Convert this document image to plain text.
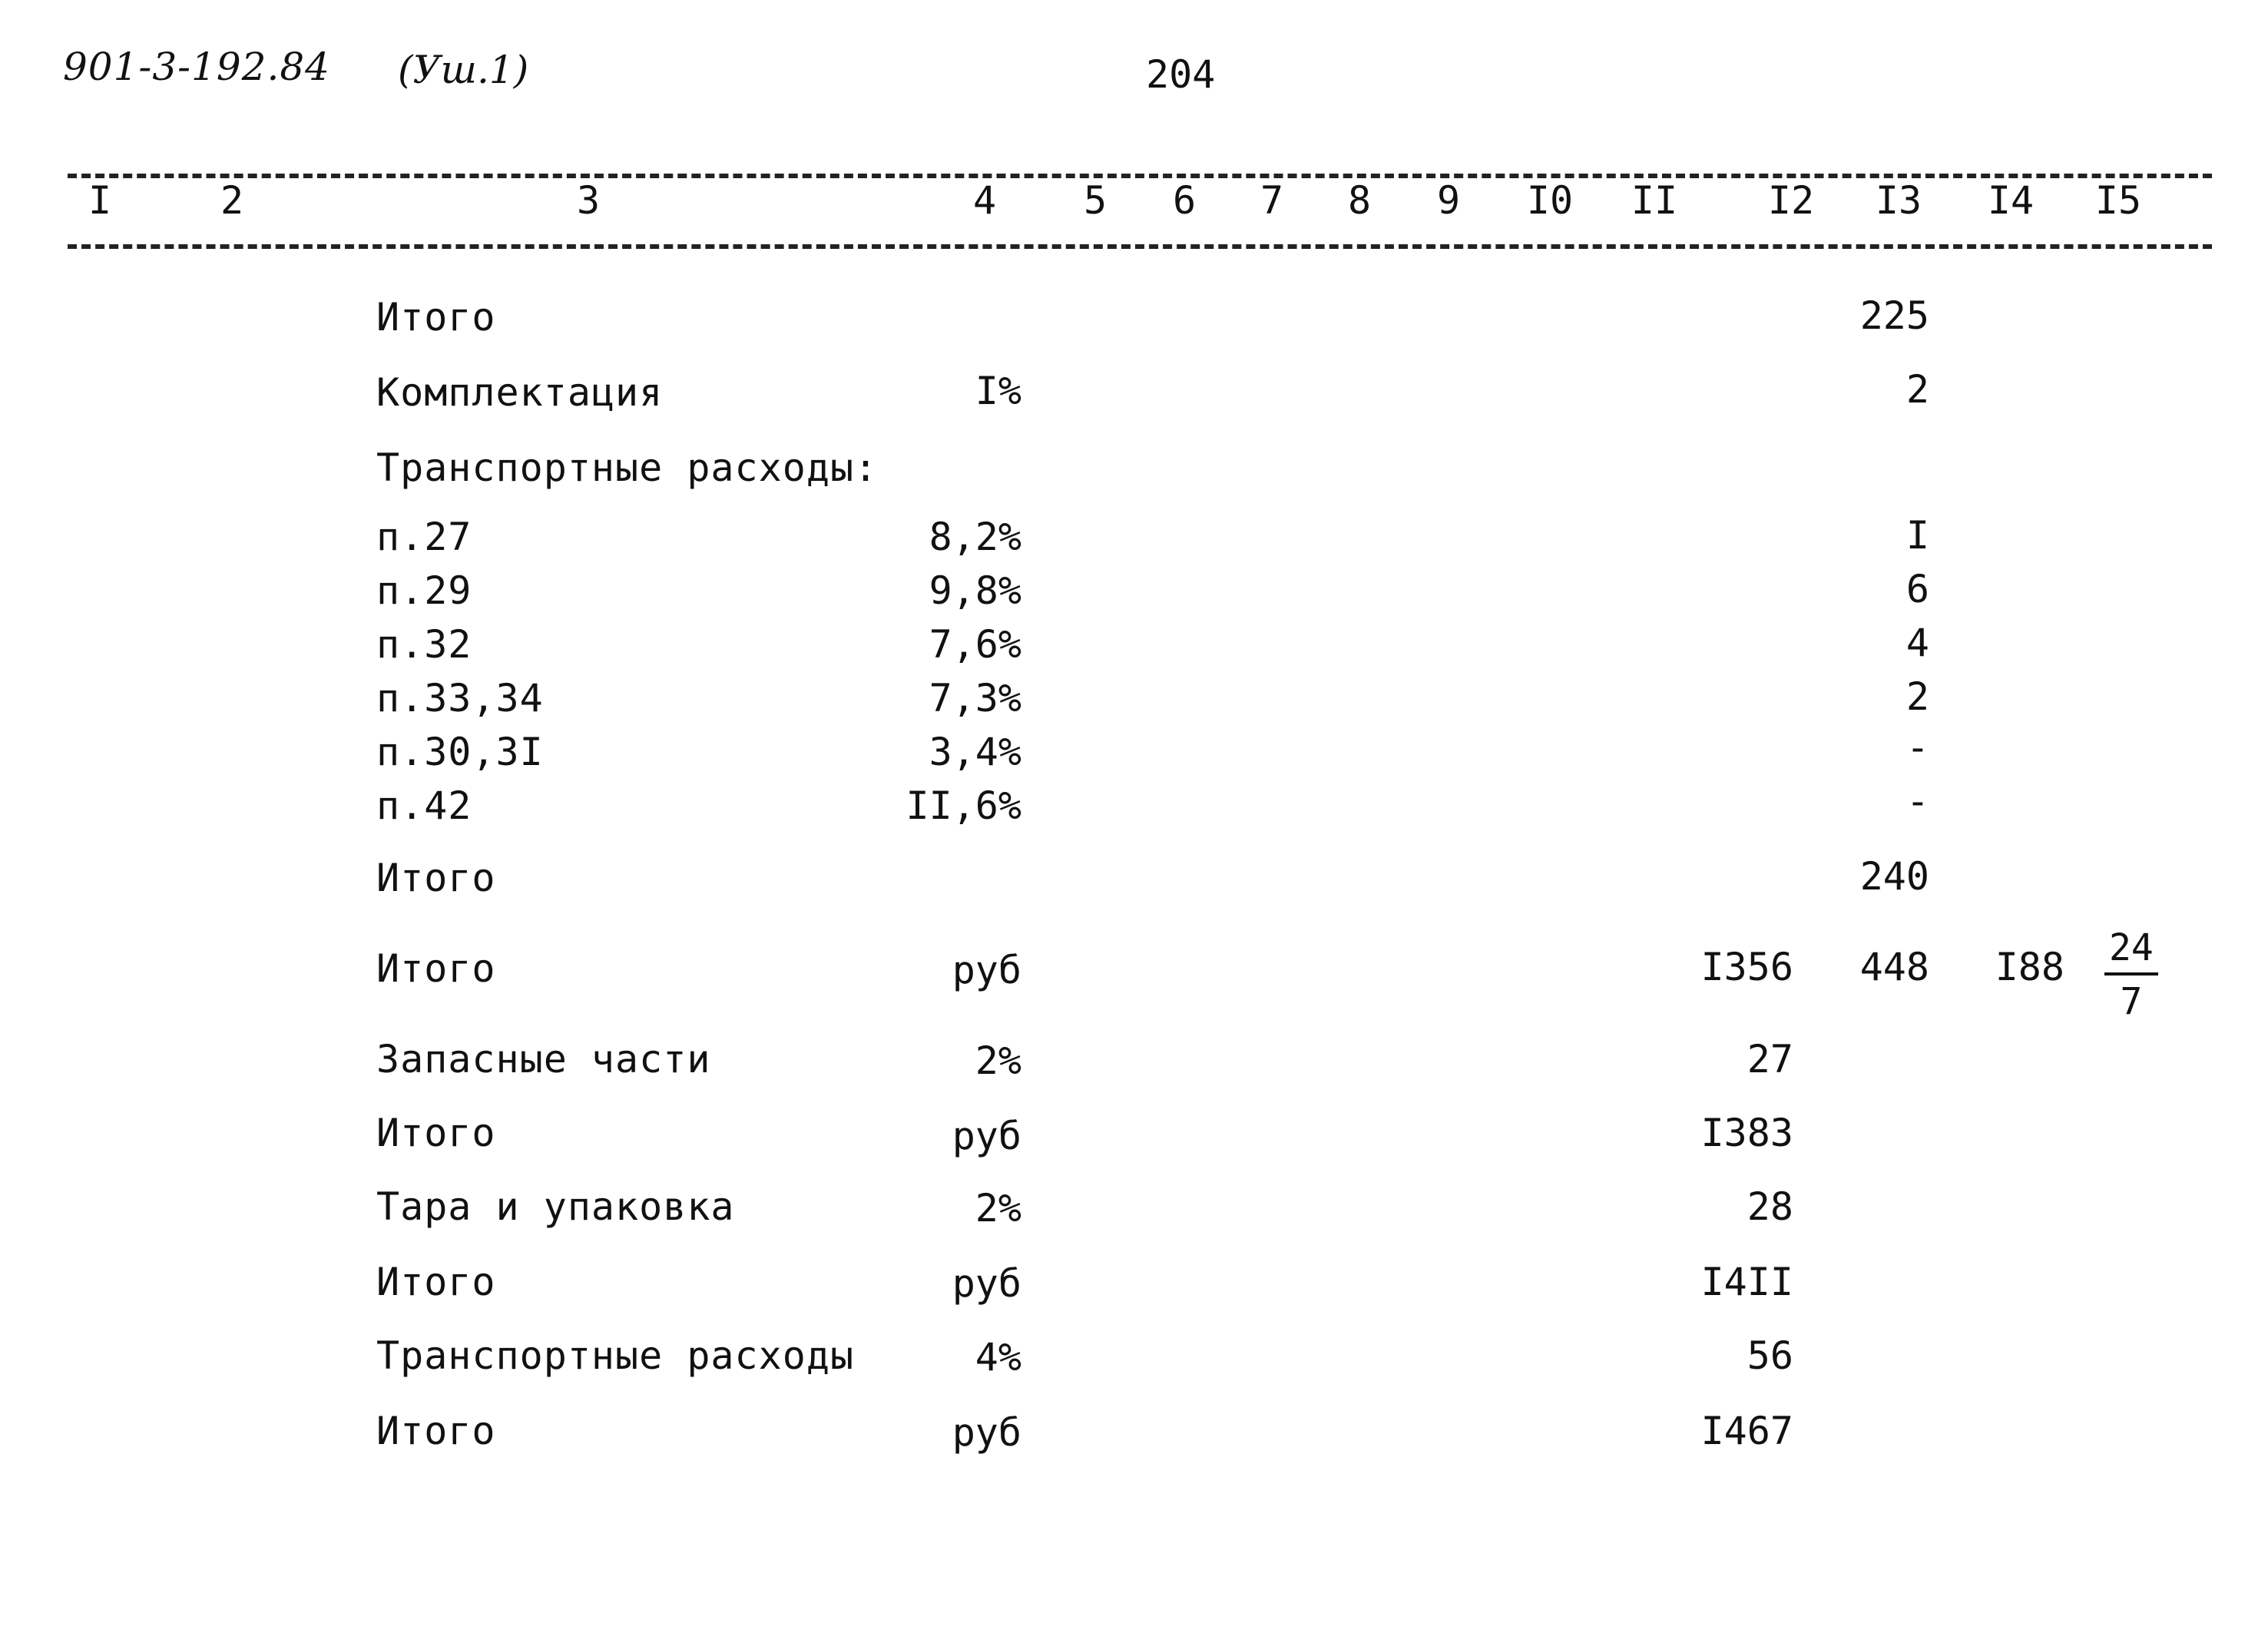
901-3-192.84 (Уш.1)	204
I	2	3	4 5 6 7 8 9 I0 II I2 I3 I4 I5
Итого	225
Комплектация	I%	2
Транспортные расходы:
п.27	8,2%	I
п.29	9,8%	6
п.32	7,6%	4
п.33,34	7,3%	2
п.30,3I	3,4%	-
п.42	II,6%	-
Итого	240
Итого	руб	I356 448 $I88 \frac{24}{7}$
Запасные части	2%	27
Итого	руб	I383
Тара и упаковка	2%	28
Итого	руб	I4II
Транспортные расходы	4%	56
Итого	руб	I467
